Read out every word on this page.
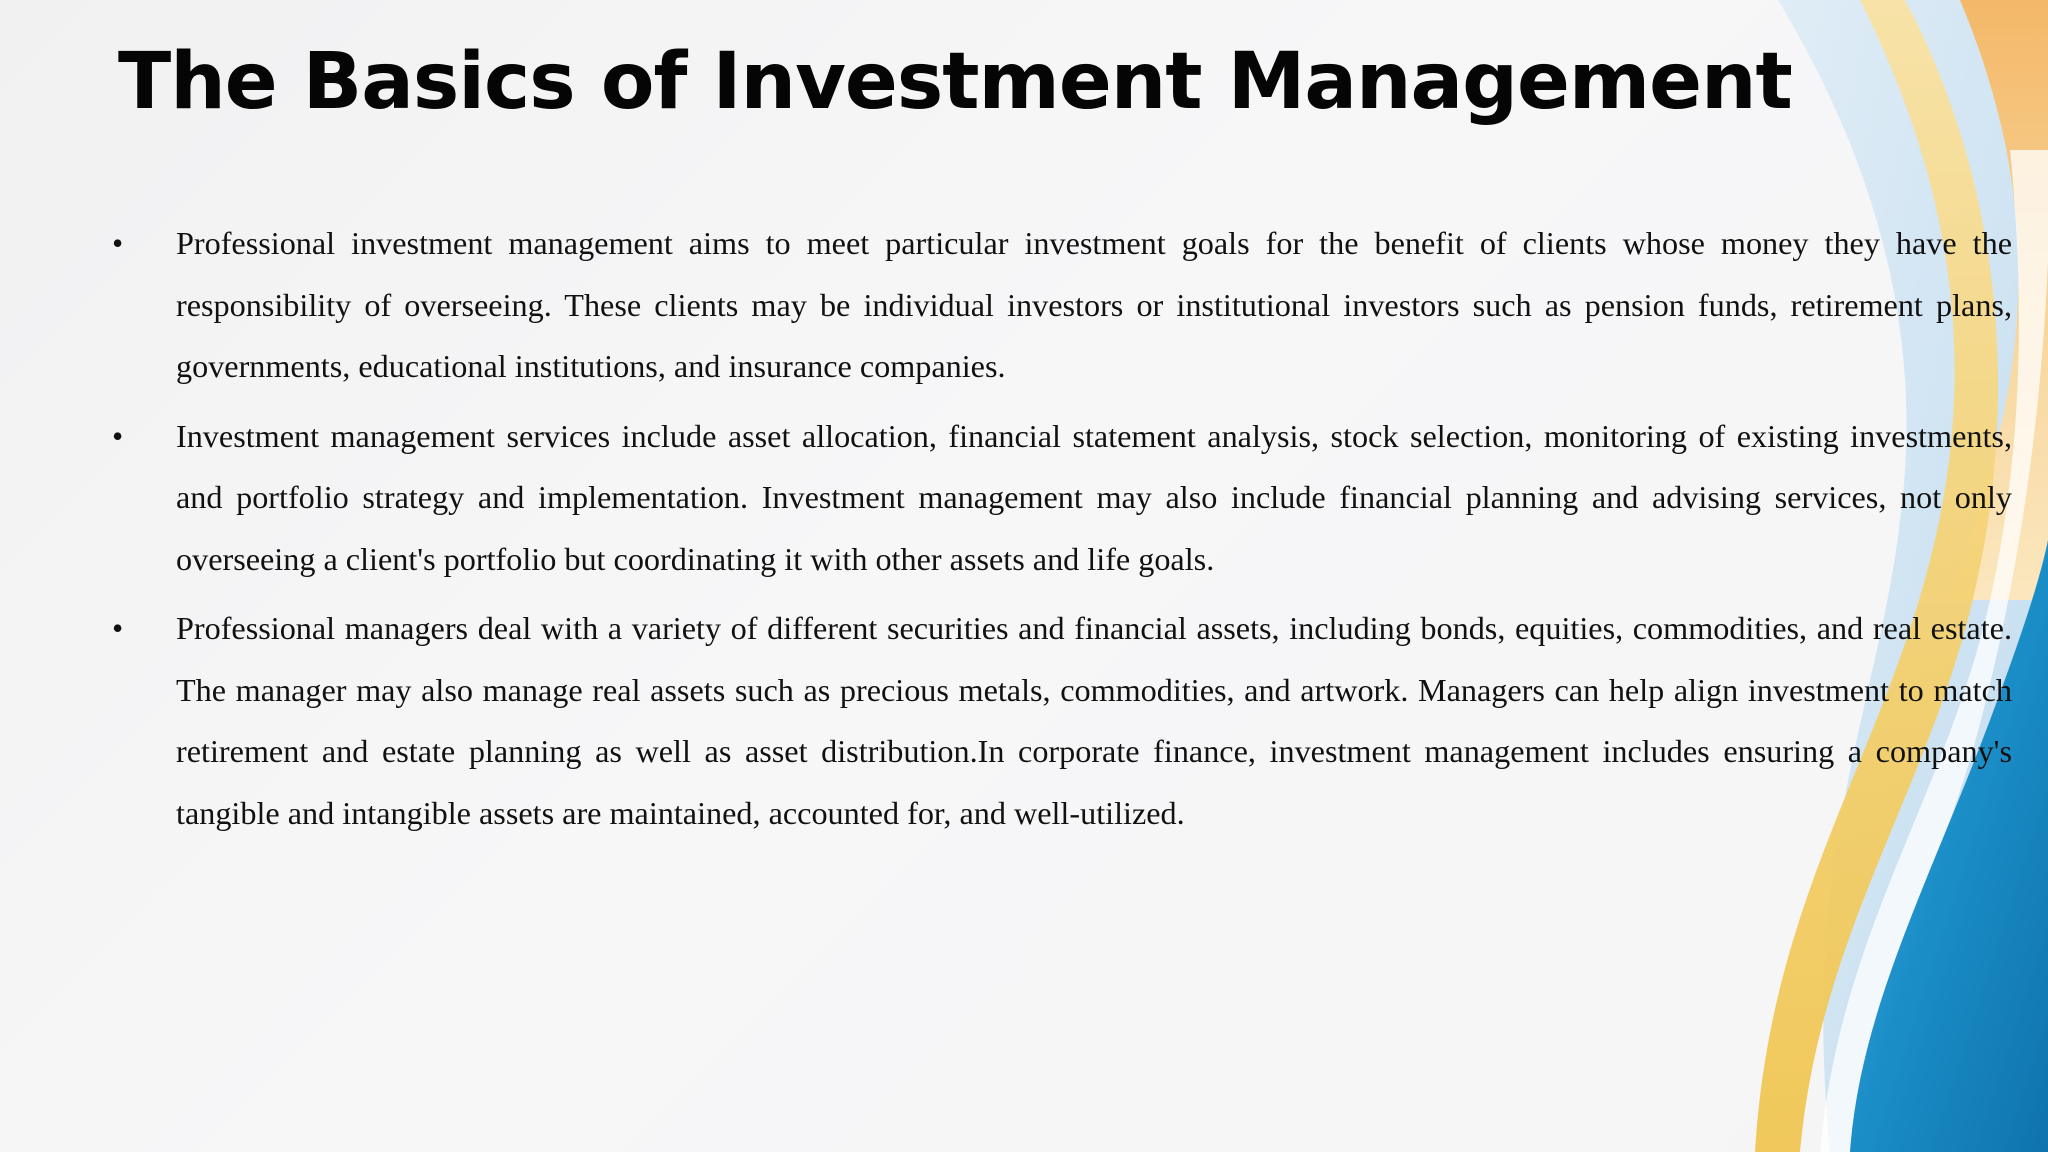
The Basics of Investment Management
• Professional investment management aims to meet particular investment goals for the benefit of clients whose money they have the responsibility of overseeing. These clients may be individual investors or institutional investors such as pension funds, retirement plans, governments, educational institutions, and insurance companies.
• Investment management services include asset allocation, financial statement analysis, stock selection, monitoring of existing investments, and portfolio strategy and implementation. Investment management may also include financial planning and advising services, not only overseeing a client's portfolio but coordinating it with other assets and life goals.
• Professional managers deal with a variety of different securities and financial assets, including bonds, equities, commodities, and real estate. The manager may also manage real assets such as precious metals, commodities, and artwork. Managers can help align investment to match retirement and estate planning as well as asset distribution.In corporate finance, investment management includes ensuring a company's tangible and intangible assets are maintained, accounted for, and well-utilized.
